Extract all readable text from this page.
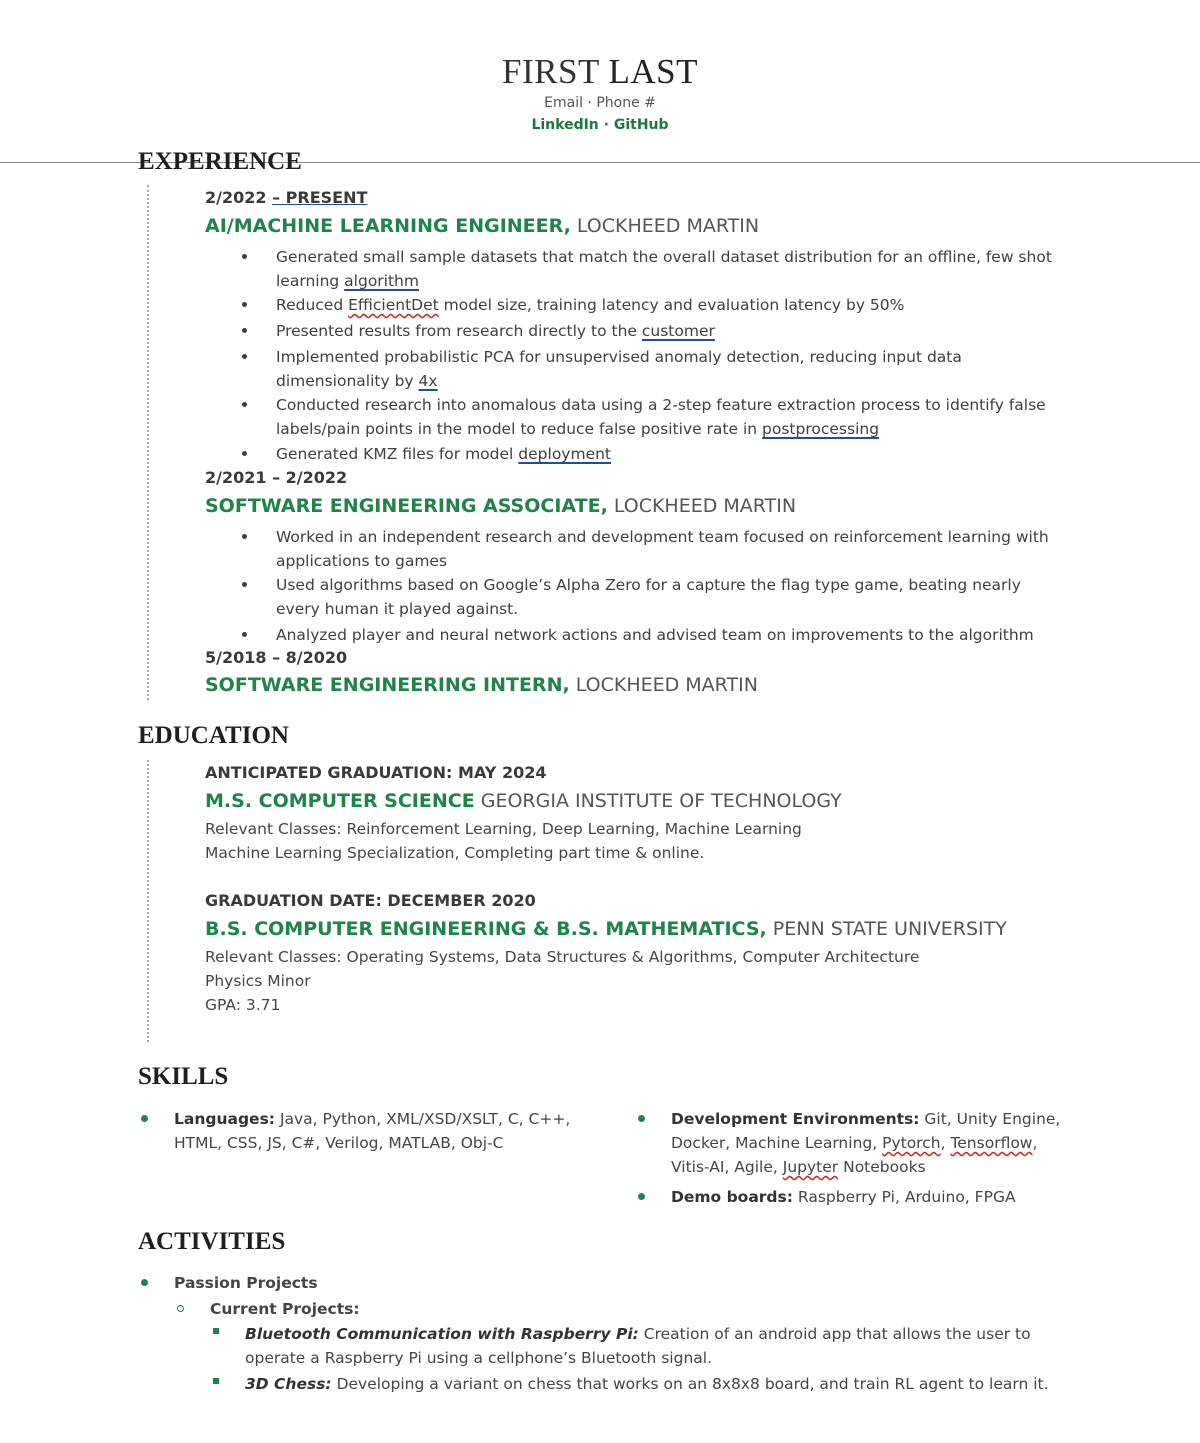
FIRST LAST
Email · Phone #
LinkedIn · GitHub
EXPERIENCE
2/2022 – PRESENT
AI/MACHINE LEARNING ENGINEER, LOCKHEED MARTIN
Generated small sample datasets that match the overall dataset distribution for an offline, few shot learning algorithm
Reduced EfficientDet model size, training latency and evaluation latency by 50%
Presented results from research directly to the customer
Implemented probabilistic PCA for unsupervised anomaly detection, reducing input data dimensionality by 4x
Conducted research into anomalous data using a 2-step feature extraction process to identify false labels/pain points in the model to reduce false positive rate in postprocessing
Generated KMZ files for model deployment
2/2021 – 2/2022
SOFTWARE ENGINEERING ASSOCIATE, LOCKHEED MARTIN
Worked in an independent research and development team focused on reinforcement learning with applications to games
Used algorithms based on Google’s Alpha Zero for a capture the flag type game, beating nearly every human it played against.
Analyzed player and neural network actions and advised team on improvements to the algorithm
5/2018 – 8/2020
SOFTWARE ENGINEERING INTERN, LOCKHEED MARTIN
EDUCATION
ANTICIPATED GRADUATION: MAY 2024
M.S. COMPUTER SCIENCE GEORGIA INSTITUTE OF TECHNOLOGY
Relevant Classes: Reinforcement Learning, Deep Learning, Machine Learning
Machine Learning Specialization, Completing part time & online.
GRADUATION DATE: DECEMBER 2020
B.S. COMPUTER ENGINEERING & B.S. MATHEMATICS, PENN STATE UNIVERSITY
Relevant Classes: Operating Systems, Data Structures & Algorithms, Computer Architecture
Physics Minor
GPA: 3.71
SKILLS
Languages: Java, Python, XML/XSD/XSLT, C, C++, HTML, CSS, JS, C#, Verilog, MATLAB, Obj-C
Development Environments: Git, Unity Engine, Docker, Machine Learning, Pytorch, Tensorflow, Vitis-AI, Agile, Jupyter Notebooks
Demo boards: Raspberry Pi, Arduino, FPGA
ACTIVITIES
Passion Projects
Current Projects:
Bluetooth Communication with Raspberry Pi: Creation of an android app that allows the user to operate a Raspberry Pi using a cellphone’s Bluetooth signal.
3D Chess: Developing a variant on chess that works on an 8x8x8 board, and train RL agent to learn it.
